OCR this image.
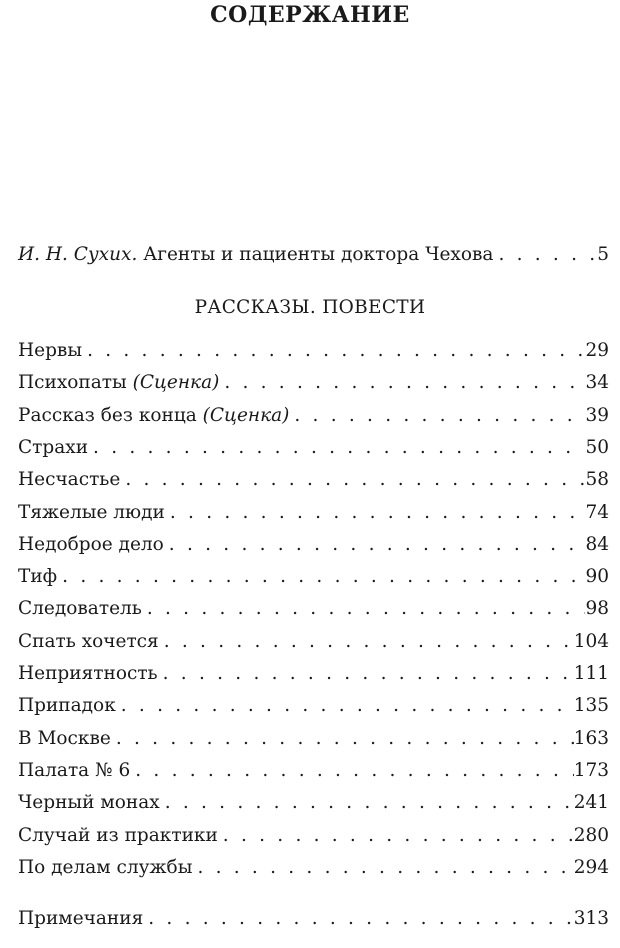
СОДЕРЖАНИЕ
И. Н. Сухих. Агенты и пациенты доктора Чехова . . .	5
РАССКАЗЫ. ПОВЕСТИ
Нервы . . .	29
Психопаты (Сценка) . . .	34
Рассказ без конца (Сценка) . . .	39
Страхи . . .	50
Несчастье . . .	58
Тяжелые люди . . .	74
Недоброе дело . . .	84
Тиф . . .	90
Следователь . . .	98
Спать хочется . . .	104
Неприятность . . .	111
Припадок . . .	135
В Москве . . .	163
Палата № 6 . . .	173
Черный монах . . .	241
Случай из практики . . .	280
По делам службы . . .	294
Примечания . . .	313
